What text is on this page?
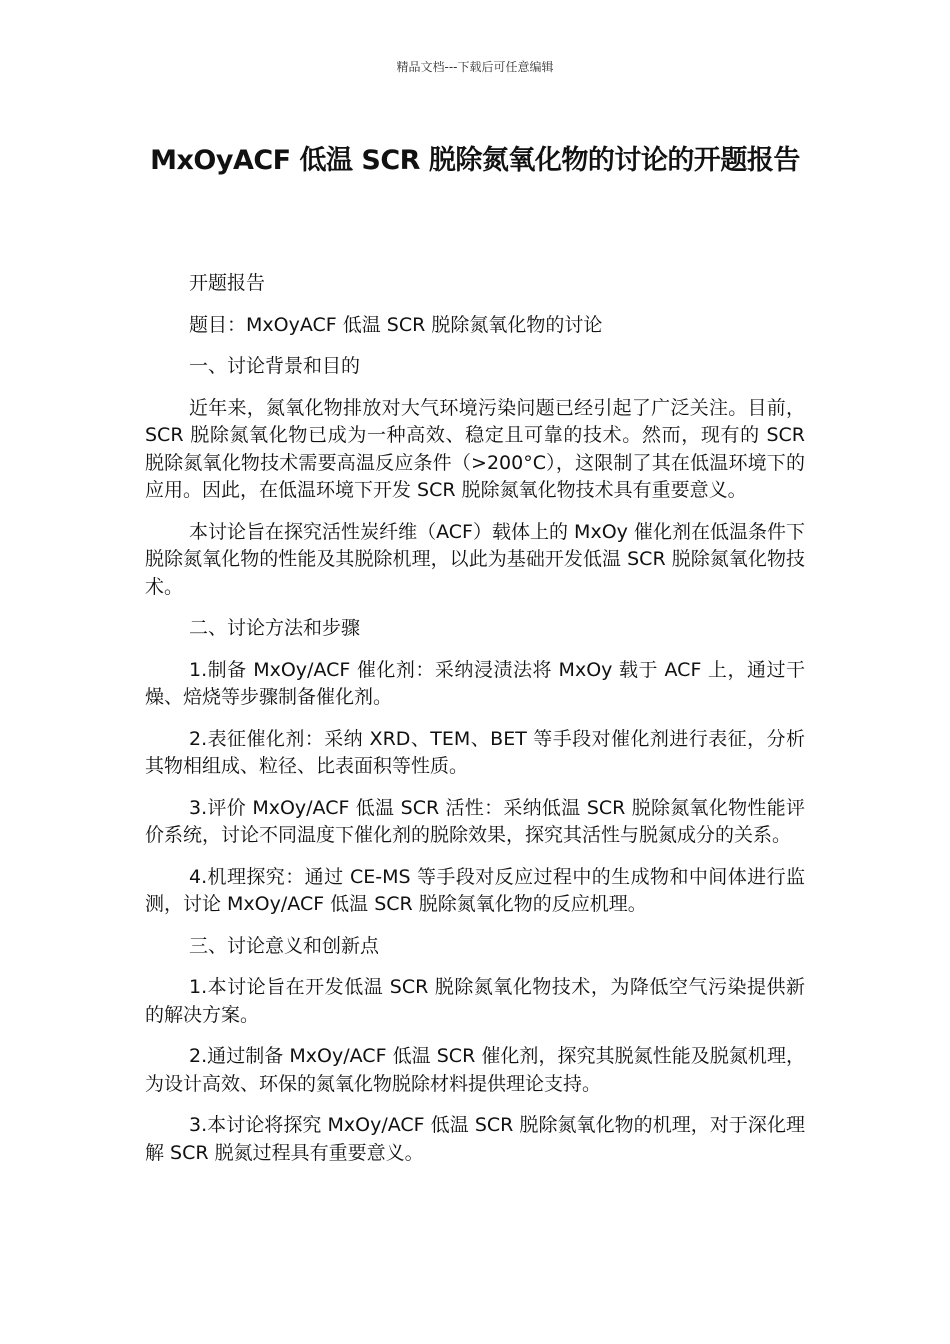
精品文档---下载后可任意编辑
MxOyACF 低温 SCR 脱除氮氧化物的讨论的开题报告

开题报告

题目：MxOyACF 低温 SCR 脱除氮氧化物的讨论

一、讨论背景和目的

近年来，氮氧化物排放对大气环境污染问题已经引起了广泛关注。目前，SCR 脱除氮氧化物已成为一种高效、稳定且可靠的技术。然而，现有的 SCR 脱除氮氧化物技术需要高温反应条件（>200°C），这限制了其在低温环境下的应用。因此，在低温环境下开发 SCR 脱除氮氧化物技术具有重要意义。

本讨论旨在探究活性炭纤维（ACF）载体上的 MxOy 催化剂在低温条件下脱除氮氧化物的性能及其脱除机理，以此为基础开发低温 SCR 脱除氮氧化物技术。

二、讨论方法和步骤

1.制备 MxOy/ACF 催化剂：采纳浸渍法将 MxOy 载于 ACF 上，通过干燥、焙烧等步骤制备催化剂。

2.表征催化剂：采纳 XRD、TEM、BET 等手段对催化剂进行表征，分析其物相组成、粒径、比表面积等性质。

3.评价 MxOy/ACF 低温 SCR 活性：采纳低温 SCR 脱除氮氧化物性能评价系统，讨论不同温度下催化剂的脱除效果，探究其活性与脱氮成分的关系。

4.机理探究：通过 CE-MS 等手段对反应过程中的生成物和中间体进行监测，讨论 MxOy/ACF 低温 SCR 脱除氮氧化物的反应机理。

三、讨论意义和创新点

1.本讨论旨在开发低温 SCR 脱除氮氧化物技术，为降低空气污染提供新的解决方案。

2.通过制备 MxOy/ACF 低温 SCR 催化剂，探究其脱氮性能及脱氮机理，为设计高效、环保的氮氧化物脱除材料提供理论支持。

3.本讨论将探究 MxOy/ACF 低温 SCR 脱除氮氧化物的机理，对于深化理解 SCR 脱氮过程具有重要意义。
